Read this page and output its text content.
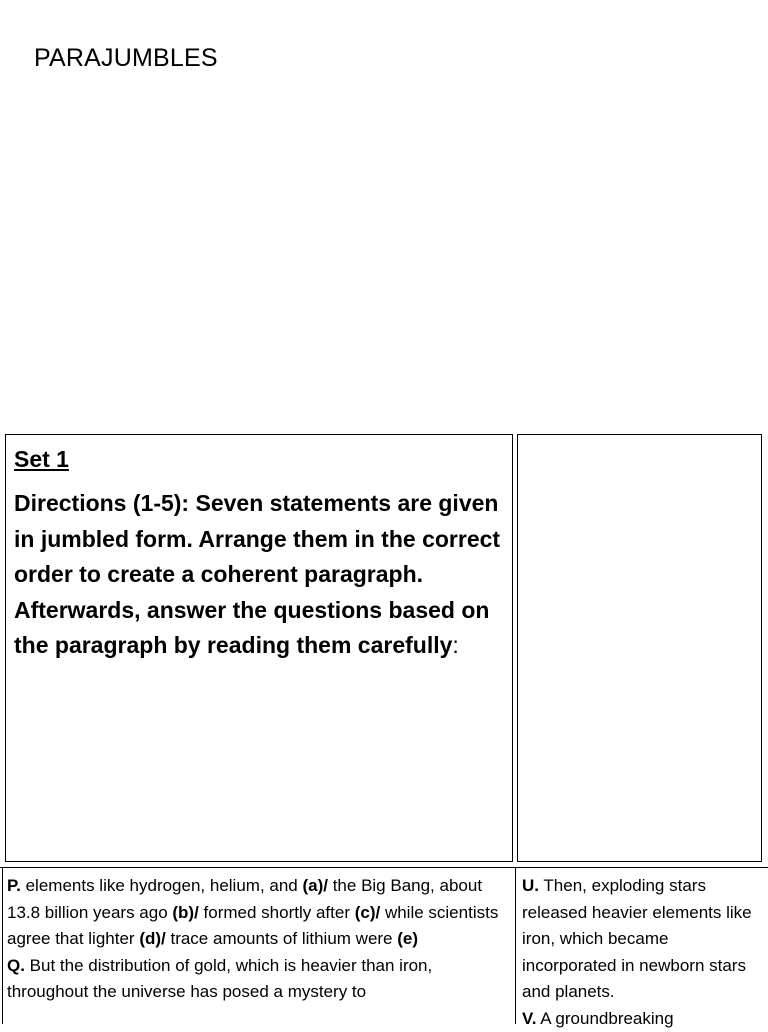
PARAJUMBLES
Set 1
Directions (1-5): Seven statements are given in jumbled form. Arrange them in the correct order to create a coherent paragraph. Afterwards, answer the questions based on the paragraph by reading them carefully:

P. elements like hydrogen, helium, and (a)/ the Big Bang, about 13.8 billion years ago (b)/ formed shortly after (c)/ while scientists agree that lighter (d)/ trace amounts of lithium were (e)

Q. But the distribution of gold, which is heavier than iron, throughout the universe has posed a mystery to

U. Then, exploding stars released heavier elements like iron, which became incorporated in newborn stars and planets.

V. A groundbreaking
